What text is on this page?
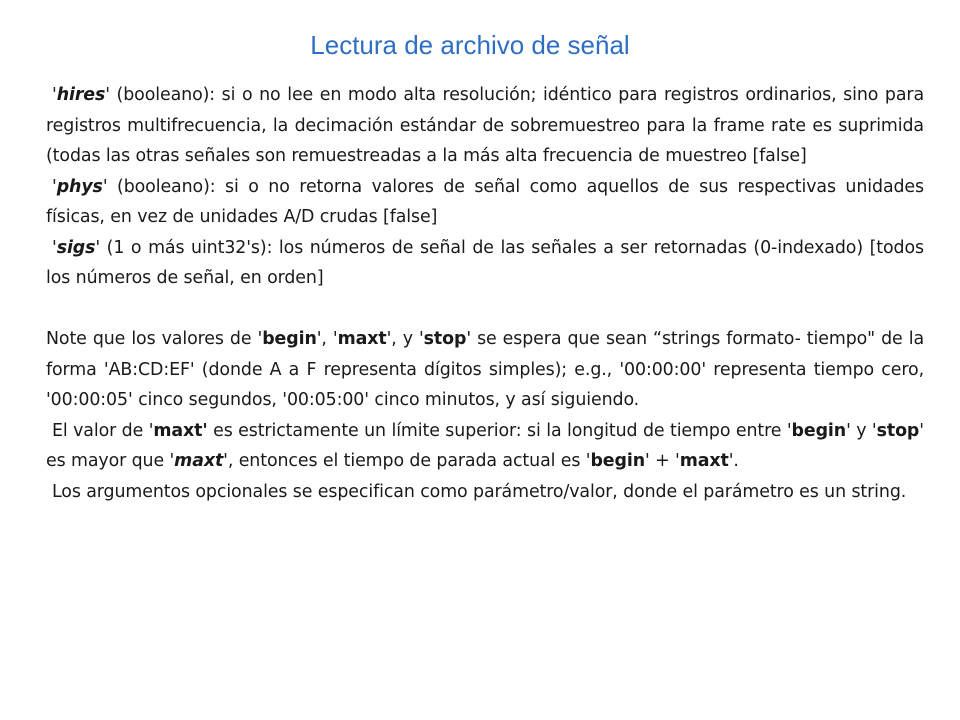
Lectura de archivo de señal

'hires' (booleano): si o no lee en modo alta resolución; idéntico para registros ordinarios, sino para registros multifrecuencia, la decimación estándar de sobremuestreo para la frame rate es suprimida (todas las otras señales son remuestreadas a la más alta frecuencia de muestreo [false]

'phys' (booleano): si o no retorna valores de señal como aquellos de sus respectivas unidades físicas, en vez de unidades A/D crudas [false]

'sigs' (1 o más uint32's): los números de señal de las señales a ser retornadas (0-indexado) [todos los números de señal, en orden]

Note que los valores de 'begin', 'maxt', y 'stop' se espera que sean “strings formato- tiempo" de la forma 'AB:CD:EF' (donde A a F representa dígitos simples); e.g., '00:00:00' representa tiempo cero, '00:00:05' cinco segundos, '00:05:00' cinco minutos, y así siguiendo.

El valor de 'maxt' es estrictamente un límite superior: si la longitud de tiempo entre 'begin' y 'stop' es mayor que 'maxt', entonces el tiempo de parada actual es 'begin' + 'maxt'.

Los argumentos opcionales se especifican como parámetro/valor, donde el parámetro es un string.
